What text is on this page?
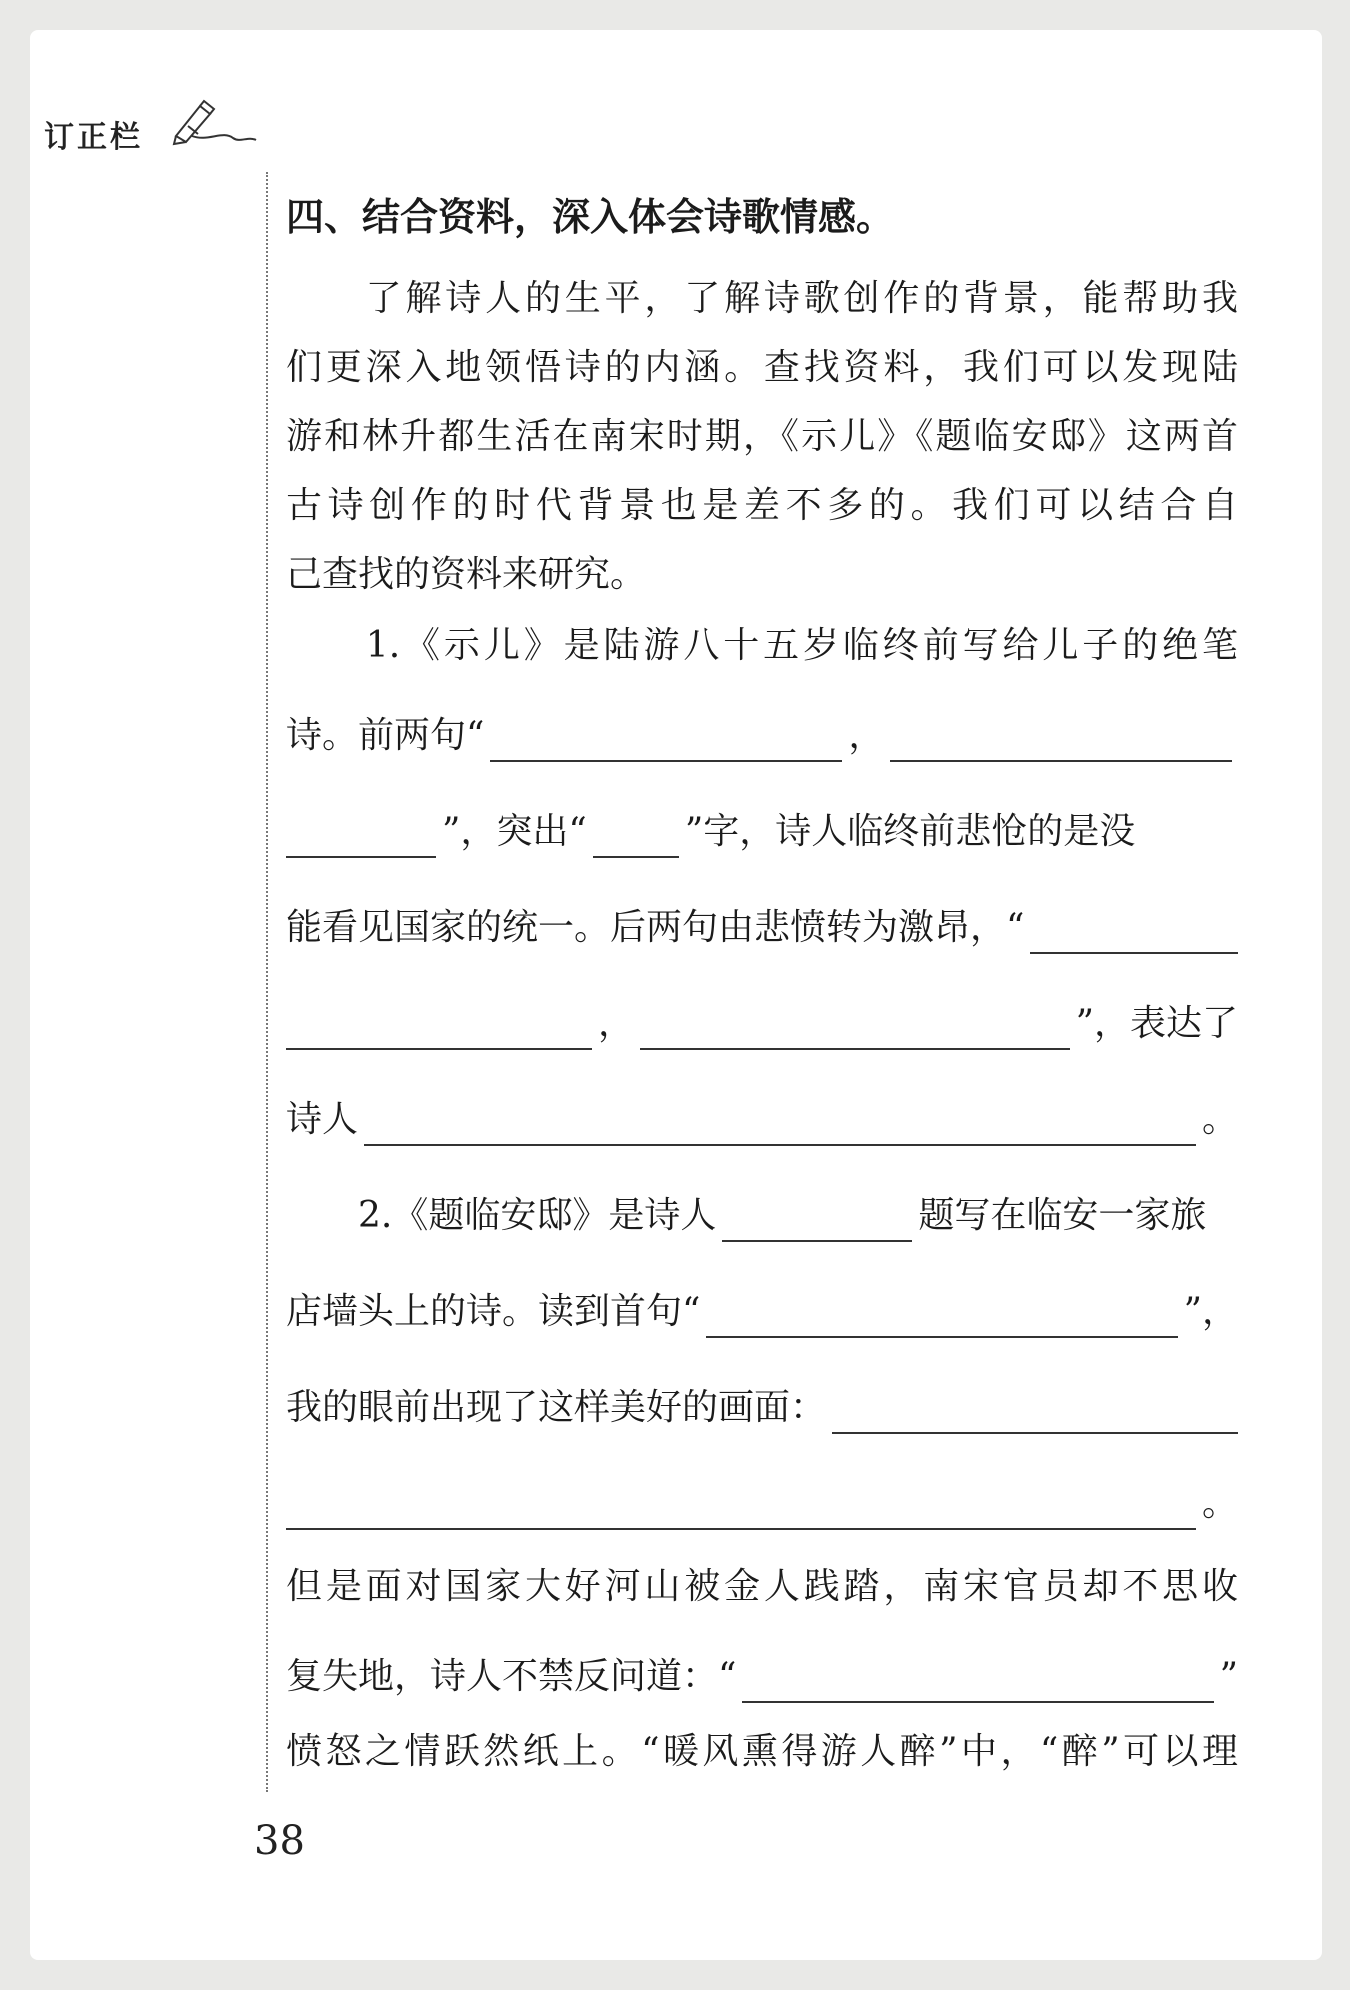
订正栏
四、结合资料，深入体会诗歌情感。
　　了解诗人的生平，了解诗歌创作的背景，能帮助我
们更深入地领悟诗的内涵。查找资料，我们可以发现陆
游和林升都生活在南宋时期，《示儿》《题临安邸》这两首
古诗创作的时代背景也是差不多的。我们可以结合自
己查找的资料来研究。
　　1.《示儿》是陆游八十五岁临终前写给儿子的绝笔
诗。前两句“	，
”，突出“	”字，诗人临终前悲怆的是没
能看见国家的统一。后两句由悲愤转为激昂，“
，	”，表达了
诗人	。
　　2.《题临安邸》是诗人	题写在临安一家旅
店墙头上的诗。读到首句“	”，
我的眼前出现了这样美好的画面：
。
但是面对国家大好河山被金人践踏，南宋官员却不思收
复失地，诗人不禁反问道：“	”
愤怒之情跃然纸上。“暖风熏得游人醉”中，“醉”可以理
38
